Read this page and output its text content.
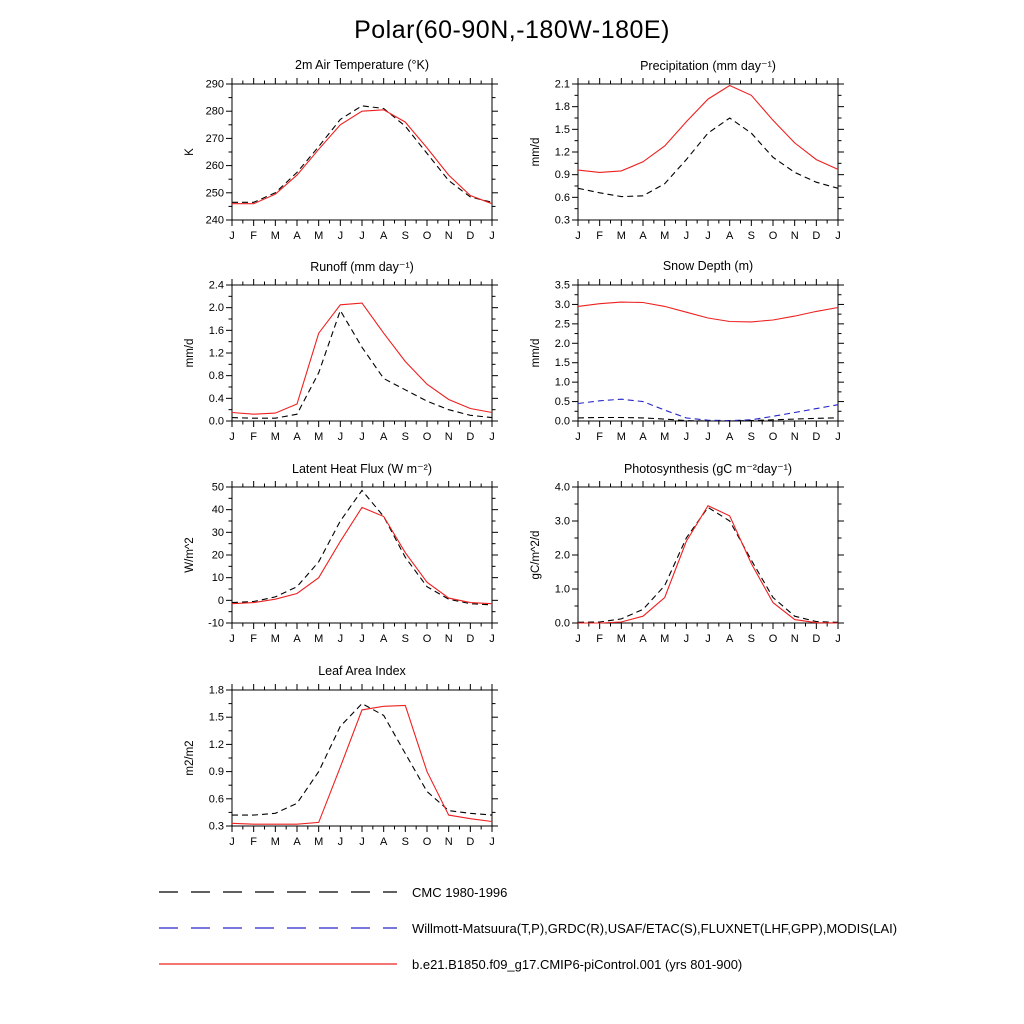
Polar(60-90N,-180W-180E)
2m Air Temperature (°K)
K
240
250
260
270
280
290
J F M A M J J A S O N D J
Precipitation (mm day⁻¹)
mm/d
0.3
0.6
0.9
1.2
1.5
1.8
2.1
J F M A M J J A S O N D J
Runoff (mm day⁻¹)
mm/d
0.0
0.4
0.8
1.2
1.6
2.0
2.4
J F M A M J J A S O N D J
Snow Depth (m)
mm/d
0.0
0.5
1.0
1.5
2.0
2.5
3.0
3.5
J F M A M J J A S O N D J
Latent Heat Flux (W m⁻²)
W/m^2
-10
0
10
20
30
40
50
J F M A M J J A S O N D J
Photosynthesis (gC m⁻²day⁻¹)
gC/m^2/d
0.0
1.0
2.0
3.0
4.0
J F M A M J J A S O N D J
Leaf Area Index
m2/m2
0.3
0.6
0.9
1.2
1.5
1.8
J F M A M J J A S O N D J
CMC 1980-1996
Willmott-Matsuura(T,P),GRDC(R),USAF/ETAC(S),FLUXNET(LHF,GPP),MODIS(LAI)
b.e21.B1850.f09_g17.CMIP6-piControl.001 (yrs 801-900)
